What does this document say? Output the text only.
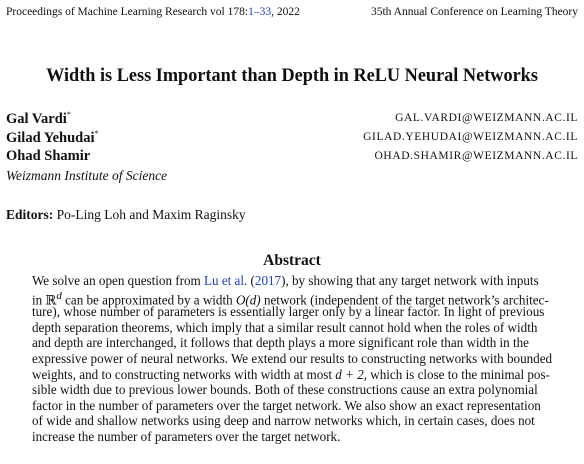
Proceedings of Machine Learning Research vol 178:1–33, 2022	35th Annual Conference on Learning Theory
Width is Less Important than Depth in ReLU Neural Networks
Gal Vardi*	GAL.VARDI@WEIZMANN.AC.IL
Gilad Yehudai*	GILAD.YEHUDAI@WEIZMANN.AC.IL
Ohad Shamir	OHAD.SHAMIR@WEIZMANN.AC.IL
Weizmann Institute of Science
Editors: Po-Ling Loh and Maxim Raginsky
Abstract
We solve an open question from Lu et al. (2017), by showing that any target network with inputs
in ℝ$^d$ can be approximated by a width O(d) network (independent of the target network’s architec-
ture), whose number of parameters is essentially larger only by a linear factor. In light of previous
depth separation theorems, which imply that a similar result cannot hold when the roles of width
and depth are interchanged, it follows that depth plays a more significant role than width in the
expressive power of neural networks. We extend our results to constructing networks with bounded
weights, and to constructing networks with width at most d + 2, which is close to the minimal pos-
sible width due to previous lower bounds. Both of these constructions cause an extra polynomial
factor in the number of parameters over the target network. We also show an exact representation
of wide and shallow networks using deep and narrow networks which, in certain cases, does not
increase the number of parameters over the target network.
